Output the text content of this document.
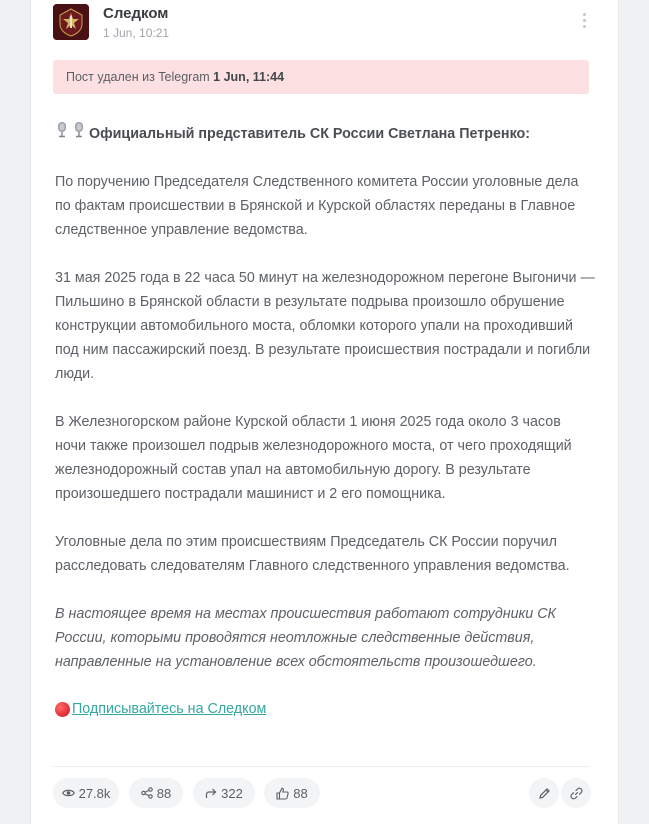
Следком
1 Jun, 10:21
Пост удален из Telegram 1 Jun, 11:44

Официальный представитель СК России Светлана Петренко:

По поручению Председателя Следственного комитета России уголовные дела по фактам происшествии в Брянской и Курской областях переданы в Главное следственное управление ведомства.

31 мая 2025 года в 22 часа 50 минут на железнодорожном перегоне Выгоничи — Пильшино в Брянской области в результате подрыва произошло обрушение конструкции автомобильного моста, обломки которого упали на проходивший под ним пассажирский поезд. В результате происшествия пострадали и погибли люди.

В Железногорском районе Курской области 1 июня 2025 года около 3 часов ночи также произошел подрыв железнодорожного моста, от чего проходящий железнодорожный состав упал на автомобильную дорогу. В результате произошедшего пострадали машинист и 2 его помощника.

Уголовные дела по этим происшествиям Председатель СК России поручил расследовать следователям Главного следственного управления ведомства.

В настоящее время на местах происшествия работают сотрудники СК России, которыми проводятся неотложные следственные действия, направленные на установление всех обстоятельств произошедшего.

Подписывайтесь на Следком
27.8k	88	322	88
